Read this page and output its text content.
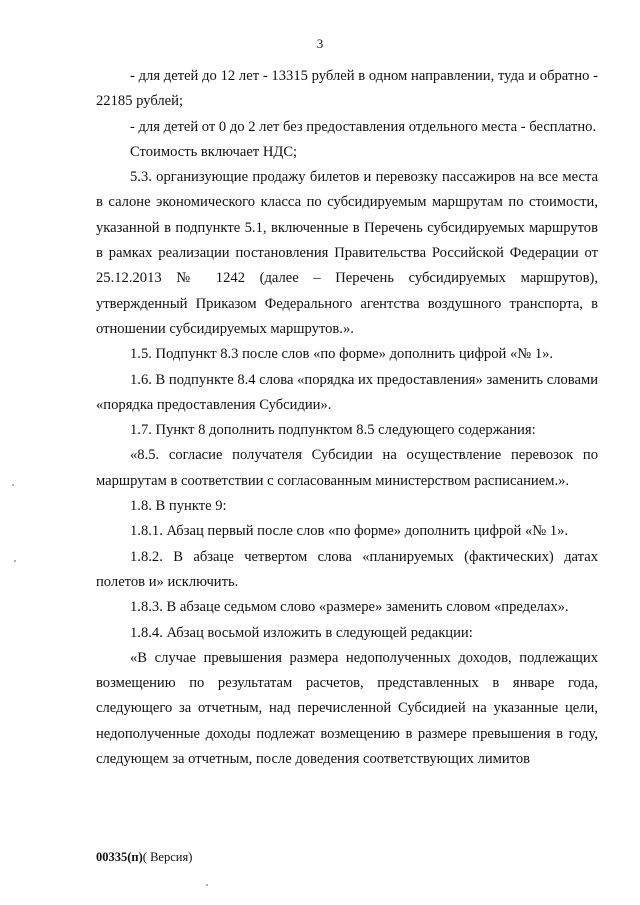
3

- для детей до 12 лет - 13315 рублей в одном направлении, туда и обратно - 22185 рублей;

- для детей от 0 до 2 лет без предоставления отдельного места - бесплатно.

Стоимость включает НДС;

5.3. организующие продажу билетов и перевозку пассажиров на все места в салоне экономического класса по субсидируемым маршрутам по стоимости, указанной в подпункте 5.1, включенные в Перечень субсидируемых маршрутов в рамках реализации постановления Правительства Российской Федерации от 25.12.2013 № 1242 (далее – Перечень субсидируемых маршрутов), утвержденный Приказом Федерального агентства воздушного транспорта, в отношении субсидируемых маршрутов.».

1.5. Подпункт 8.3 после слов «по форме» дополнить цифрой «№ 1».

1.6. В подпункте 8.4 слова «порядка их предоставления» заменить словами «порядка предоставления Субсидии».

1.7. Пункт 8 дополнить подпунктом 8.5 следующего содержания:

«8.5. согласие получателя Субсидии на осуществление перевозок по маршрутам в соответствии с согласованным министерством расписанием.».

1.8. В пункте 9:

1.8.1. Абзац первый после слов «по форме» дополнить цифрой «№ 1».

1.8.2. В абзаце четвертом слова «планируемых (фактических) датах полетов и» исключить.

1.8.3. В абзаце седьмом слово «размере» заменить словом «пределах».

1.8.4. Абзац восьмой изложить в следующей редакции:

«В случае превышения размера недополученных доходов, подлежащих возмещению по результатам расчетов, представленных в январе года, следующего за отчетным, над перечисленной Субсидией на указанные цели, недополученные доходы подлежат возмещению в размере превышения в году, следующем за отчетным, после доведения соответствующих лимитов

00335(п)( Версия)
